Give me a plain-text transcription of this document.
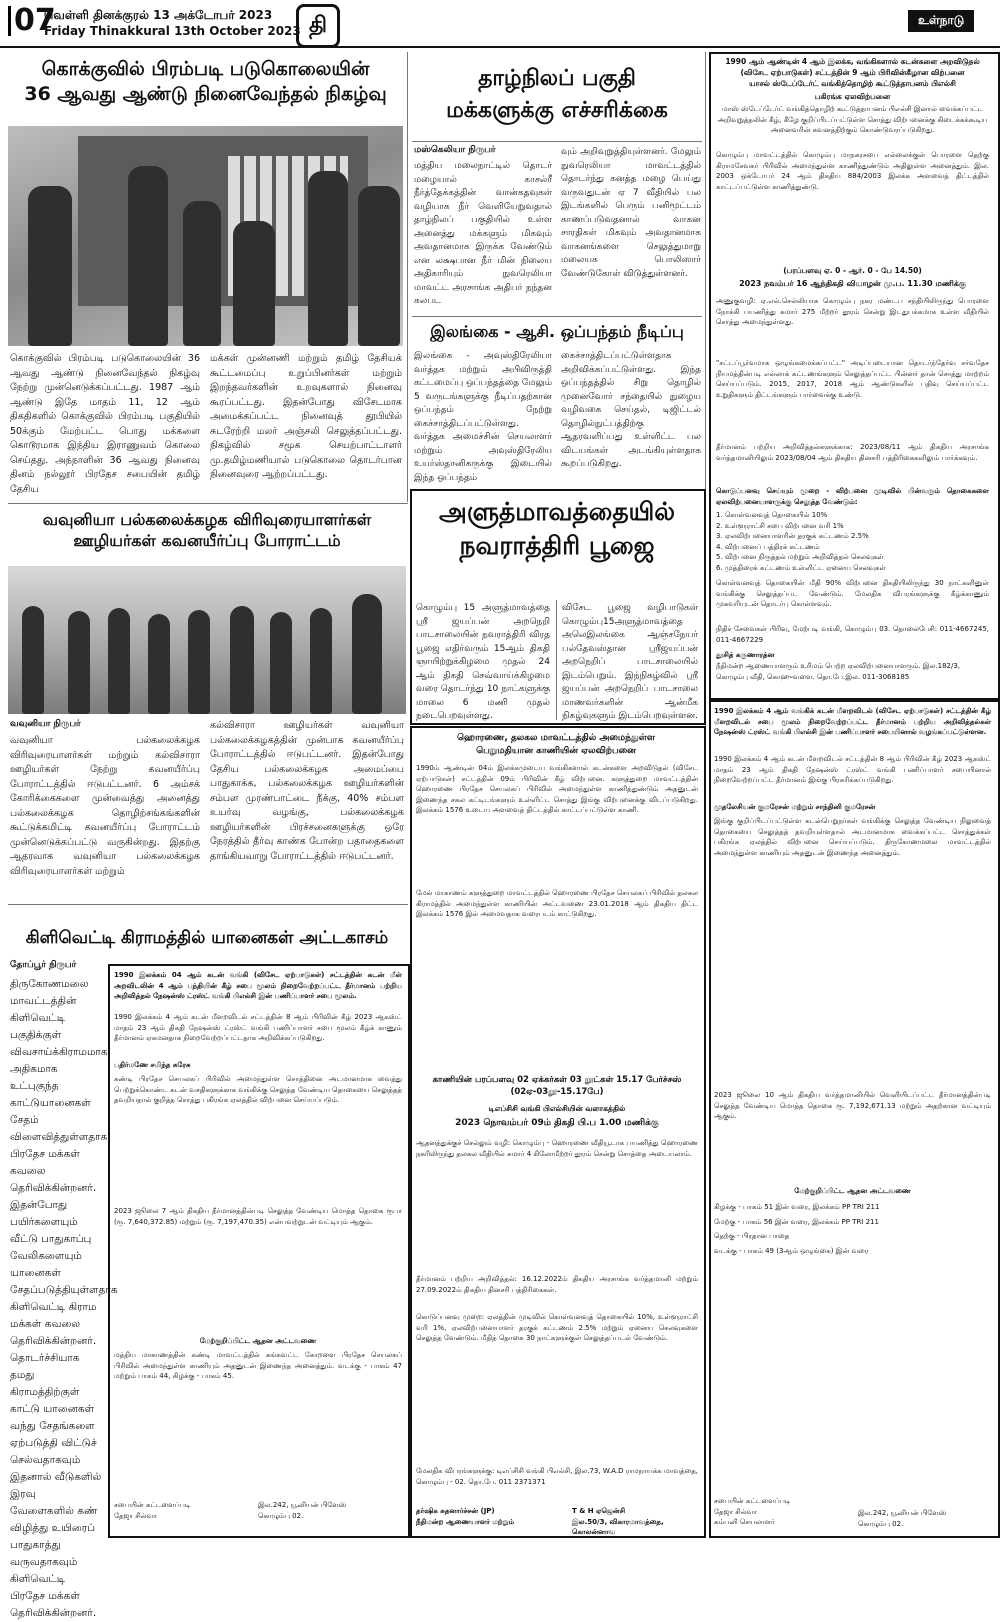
07
வெள்ளி தினக்குரல் 13 அக்டோபர் 2023
Friday Thinakkural 13th October 2023 தி	உள்நாடு
கொக்குவில் பிரம்படி படுகொலையின்
36 ஆவது ஆண்டு நினைவேந்தல் நிகழ்வு
கொக்குவில் பிரம்படி படுகொலையின் 36 ஆவது ஆண்டு நினைவேந்தல் நிகழ்வு நேற்று முன்னெடுக்கப்பட்டது. 1987 ஆம் ஆண்டு இதே மாதம் 11, 12 ஆம் திகதிகளில் கொக்குவில் பிரம்படி பகுதியில் 50க்கும் மேற்பட்ட பொது மக்களை கொடூரமாக இந்திய இராணுவம் கொலை செய்தது. அந்நாளின் 36 ஆவது நினைவு தினம் நல்லூர் பிரதேச சபையின் தமிழ் தேசிய
மக்கள் முன்னணி மற்றும் தமிழ் தேசியக் கூட்டமைப்பு உறுப்பினர்கள் மற்றும் இறந்தவர்களின் உறவுகளால் நினைவு கூரப்பட்டது. இதன்போது விசேடமாக அமைக்கப்பட்ட நினைவுத் தூபியில் சுடரேற்றி மலர் அஞ்சலி செலுத்தப்பட்டது. நிகழ்வில் சமூக செயற்பாட்டாளர் மு.தமிழ்மணியால் படுகொலை தொடர்பான நினைவுரை ஆற்றப்பட்டது.
தாழ்நிலப் பகுதி
மக்களுக்கு எச்சரிக்கை
மஸ்கெலியா நிருபர்
மத்திய மலைநாட்டில் தொடர் மழையால் காசல்ரீ நீர்த்தேக்கத்தின் வான்கதவுகள் வழியாக நீர் வெளியேறுவதால் தாழ்நிலப் பகுதியில் உள்ள அனைத்து மக்களும் மிகவும் அவதானமாக இருக்க வேண்டும் என லக்ஷபான நீர் மின் நிலைய அதிகாரியும் நுவரெலியா மாவட்ட அரசாங்க அதிபர் நந்தன கலபட
வும் அறிவுறுத்தியுள்ளனர். மேலும் நுவரெலியா மாவட்டத்தில் தொடர்ந்து கனத்த மழை பெய்து வருவதுடன் ஏ 7 வீதியில் பல இடங்களில் பெரும் பனிமூட்டம் காணப்படுவதனால் வாகன சாரதிகள் மிகவும் அவதானமாக வாகனங்களை செலுத்துமாறு மலையக பொலிஸார் வேண்டுகோள் விடுத்துள்ளனர்.
இலங்கை - ஆசி. ஒப்பந்தம் நீடிப்பு
இலங்கை - அவுஸ்திரேலியா வர்த்தக மற்றும் அபிவிருத்தி கட்டமைப்பு ஒப்பந்தத்தை மேலும் 5 வருடங்களுக்கு நீடிப்பதற்கான ஒப்பந்தம் நேற்று கைச்சாத்திடப்பட்டுள்ளது. வர்த்தக அமைச்சின் செயலாளர் மற்றும் அவுஸ்திரேலிய உயர்ஸ்தானிகருக்கு இடையில் இந்த ஒப்பந்தம்
கைச்சாத்திடப்பட்டுள்ளதாக அறிவிக்கப்பட்டுள்ளது. இந்த ஒப்பந்தத்தில் சிறு தொழில் முனைவோர் சந்தையில் நுழைய வழிவகை செய்தல், டிஜிட்டல் தொழில்நுட்பத்திற்கு ஆதரவளிப்பது உள்ளிட்ட பல விடயங்கள் அடங்கியுள்ளதாக கூறப்படுகிறது.
வவுனியா பல்கலைக்கழக விரிவுரையாளர்கள்
ஊழியர்கள் கவனயீர்ப்பு போராட்டம்
வவுனியா நிருபர்
வவுனியா பல்கலைக்கழக விரிவுரையாளர்கள் மற்றும் கல்விசாரா ஊழியர்கள் நேற்று கவனயீர்ப்பு போராட்டத்தில் ஈடுபட்டனர். 6 அம்சக் கோரிக்கைகளை முன்வைத்து அனைத்து பல்கலைக்கழக தொழிற்சங்கங்களின் கூட்டுக்கமிட்டி கவனயீர்ப்பு போராட்டம் முன்னெடுக்கப்பட்டு வருகின்றது. இதற்கு ஆதரவாக வவுனியா பல்கலைக்கழக விரிவுரையாளர்கள் மற்றும்
கல்விசாரா ஊழியர்கள் வவுனியா பல்கலைக்கழகத்தின் முன்பாக கவனயீர்ப்பு போராட்டத்தில் ஈடுபட்டனர். இதன்போது தேசிய பல்கலைக்கழக அமைப்பை பாதுகாக்க, பல்கலைக்கழக ஊழியர்களின் சம்பள முரண்பாட்டை நீக்கு, 40% சம்பள உயர்வு வழங்கு, பல்கலைக்கழக ஊழியர்களின் பிரச்சனைகளுக்கு ஒரே நேரத்தில் தீர்வு காண்க போன்ற பதாதைகளை தாங்கியவாறு போராட்டத்தில் ஈடுபட்டனர்.
அளுத்மாவத்தையில்
நவராத்திரி பூஜை
கொழும்பு 15 அளுத்மாவத்தை ஸ்ரீ ஜயப்பன் அறநெறி பாடசாலையின் நவராத்திரி விரத பூஜை எதிர்வரும் 15ஆம் திகதி ஞாயிற்றுக்கிழமை முதல் 24 ஆம் திகதி செவ்வாய்க்கிழமை வரை தொடர்ந்து 10 நாட்களுக்கு மாலை 6 மணி முதல் நடைபெறவுள்ளது.
விசேட பூஜை வழிபாடுகள் கொழும்பு15அளுத்மாவத்தை அலெஇலங்கை ஆஞ்சநேயர் பல்தேவஸ்தான ஸ்ரீஜயப்பன் அறநெறிப் பாடசாலையில் இடம்பெறும். இந்நிகழ்வில் ஸ்ரீ ஜயப்பன் அறநெறிப் பாடசாலை மாணவர்களின் ஆன்மீக நிகழ்வுகளும் இடம்பெறவுள்ளன.
கிளிவெட்டி கிராமத்தில் யானைகள் அட்டகாசம்
தோப்பூர் நிருபர்
திருகோணமலை மாவட்டத்தின் கிளிவெட்டி பகுதிக்குள் விவசாய்க்கிராமமாக அதிகமாக உட்புகுந்த காட்டுயானைகள் சேதம் விளைவித்துள்ளதாக பிரதேச மக்கள் கவலை தெரிவிக்கின்றனர். இதன்போது பயிர்களையும் வீட்டு பாதுகாப்பு வேலிகளையும் யானைகள் சேதப்படுத்தியுள்ளதாக கிளிவெட்டி கிராம மக்கள் கவலை தெரிவிக்கின்றனர். தொடர்ச்சியாக தமது கிராமத்திற்குள் காட்டு யானைகள் வந்து சேதங்களை ஏற்படுத்தி விட்டுச் செல்வதாகவும் இதனால் வீடுகளில் இரவு வேளைகளில் கண் விழித்து உயிரைப் பாதுகாத்து வருவதாகவும் கிளிவெட்டி பிரதேச மக்கள் தெரிவிக்கின்றனர்.
1990 இலக்கம் 04 ஆம் கடன் வங்கி (விசேட ஏற்பாடுகள்) சட்டத்தின் கடன் மீள் அறவிடலின் 4 ஆம் பந்தியின் கீழ் சபை மூலம் நிறைவேற்றப்பட்ட தீர்மானம் பற்றிய அறிவித்தல் நேஷன்ஸ் ட்ரஸ்ட் வங்கி பிஎல்சி இன் பணிப்பாளர் சபை மூலம்.
1990 இலக்கம் 4 ஆம் கடன் மீளறவிடல் சட்டத்தின் 8 ஆம் பிரிவின் கீழ் 2023 ஆகஸ்ட் மாதம் 23 ஆம் திகதி நேஷன்ஸ் ட்ரஸ்ட் வங்கி பணிப்பாளர் சபை மூலம் கீழ்க் காணும் தீர்மானம் ஏகமனதாக நிறைவேற்றப்பட்டதாக அறிவிக்கப்படுகிறது.
பதிர்மணே சமிந்த சுரேசு
கண்டி பிரதேச செயலகப் பிரிவில் அமைந்துள்ள சொத்தினை அடமானமாக வைத்து பெற்றுக்கொண்ட கடன் வசதிகளுக்காக வங்கிக்கு செலுத்த வேண்டிய தொகையை செலுத்தத் தவறியதால் குறித்த சொத்து பகிரங்க ஏலத்தில் விற்பனை செய்யப்படும்.
2023 ஜூலை 7 ஆம் திகதிய தீர்மானத்தின்படி செலுத்த வேண்டிய மொத்த தொகை ரூபா (ரூ. 7,640,372.85) மற்றும் (ரூ. 7,197,470.35) என்பவற்றுடன் வட்டியும் ஆகும்.
மேற்குறிப்பிட்ட ஆதன அட்டவணை
மத்திய மாகாணத்தின் கண்டி மாவட்டத்தில் கங்கவட்ட கோறளை பிரதேச செயலகப் பிரிவில் அமைந்துள்ள காணியும் அதனுடன் இணைந்த அனைத்தும். வடக்கு - பாகம் 47 மற்றும் பாகம் 44, கிழக்கு - பாகம் 45.
சபையின் கட்டளைப்படி
தேஜா சில்வா
இல.242, யூனியன் பிளேஸ்
கொழும்பு 02.
ஹொரணை, தலகல மாவட்டத்தில் அமைந்துள்ள
பெறுமதியான காணியின் ஏலவிற்பனை
1990ம் ஆண்டின் 04ம் இலக்கமுடைய வங்கிகளால் கடன்களை அறவிடுதல் (விசேட ஏற்பாடுகள்) சட்டத்தின் 09ம் பிரிவின் கீழ் விற்பனை. களுத்துறை மாவட்டத்தின் ஹொரணை பிரதேச செயலகப் பிரிவில் அமைந்துள்ள காணித்துண்டும் அதனுடன் இணைந்த சகல கட்டிடங்களும் உள்ளிட்ட சொத்து இங்கு விற்பனைக்கு விடப்படுகிறது. இலக்கம் 1576 உடைய அளவைத் திட்டத்தில் காட்டப்பட்டுள்ள காணி.
மேல் மாகாணம் களுத்துறை மாவட்டத்தில் ஹொரணை பிரதேச செயலகப் பிரிவில் தலகல கிராமத்தில் அமைந்துள்ள காணியின் அட்டவணை 23.01.2018 ஆம் திகதிய திட்ட இலக்கம் 1576 இல் அமைவதாக வரைபடம் காட்டுகிறது.
காணியின் பரப்பளவு 02 ஏக்கர்கள் 03 றூட்கள் 15.17 பேர்ச்சஸ் (02ஏ-03றூ-15.17பே)
டிஎப்சிசி வங்கி பிஎல்சியின் வளாகத்தில்
2023 நொவம்பர் 09ம் திகதி பி.ப 1.00 மணிக்கு
ஆதனத்துக்குச் செல்லும் வழி: கொழும்பு - ஹொரணை வீதியூடாக பயணித்து ஹொரணை நகரிலிருந்து தலகல வீதியில் சுமார் 4 கிலோமீற்றர் தூரம் சென்று சொத்தை அடையலாம்.
தீர்மானம் பற்றிய அறிவித்தல்: 16.12.2022ம் திகதிய அரசாங்க வர்த்தமானி மற்றும் 27.09.2022ம் திகதிய தினசரி பத்திரிகைகள்.
கொடுப்பனவு முறை: ஏலத்தின் முடிவில் கொள்வனவுத் தொகையில் 10%, உள்ளூராட்சி வரி 1%, ஏலவிற்பனையாளர் தரகுக் கட்டணம் 2.5% மற்றும் ஏனைய செலவுகளை செலுத்த வேண்டும். மீதித் தொகை 30 நாட்களுக்குள் செலுத்தப்படல் வேண்டும்.
மேலதிக விபரங்களுக்கு: டிஎப்சிசி வங்கி பிஎல்சி, இல.73, W.A.D ராமநாயக்க மாவத்தை, கொழும்பு - 02. தொ.பே. 011 2371371
தர்ஷிக சுதனார்ச்சன் (JP)
நீதிமன்ற ஆணையாளர் மற்றும்
T & H ஏஜென்சி
இல.50/3, விகாரமாவத்தை, கொலன்னாவ
1990 ஆம் ஆண்டின் 4 ஆம் இலக்க, வங்கிகளால் கடன்களை அறவிடுதல்
(விசேட ஏற்பாடுகள்) சட்டத்தின் 9 ஆம் பிரிவின்கீழான விற்பனை
யாசல் ஸ்டேப்டேர்ட் வங்கித்தொழிற் கூட்டுத்தாபனம் பிஎல்சி
பகிரங்க ஏலவிற்பனை
மாஸ் ஸ்டேப்டேர்ட் வங்கித்தொழிற் கூட்டுத்தாபனம் பிஎல்சி இனால் வைக்கப்பட்ட அறிவுறுத்தலின் கீழ், கீழே குறிப்பிடப்பட்டுள்ள சொத்து விற்பனைக்கு கிடைக்கக்கூடிய அனைவரின் கவனத்திற்கும் கொண்டுவரப்படுகிறது.
கொழும்பு மாவட்டத்தில் கொழும்பு மாநகரசபை எல்லைக்குள் பொரளை தெற்கு கிராமசேவகர் பிரிவில் அமைந்துள்ள காணித்துண்டும் அதிலுள்ள அனைத்தும். இல. 2003 ஒக்டோபர் 24 ஆம் திகதிய 884/2003 இலக்க அளவைத் திட்டத்தில் காட்டப்பட்டுள்ள காணித்துண்டு.
(பரப்பளவு ஏ. 0 - ஆர். 0 - பே 14.50)
2023 நவம்பர் 16 ஆந்திகதி வியாழன் மு.ப. 11.30 மணிக்கு
அணுகுவழி: ஏ.எல்.செல்லியாக கொழும்பு நகர மண்டப சந்தியிலிருந்து பொரளை நோக்கி பயணித்து சுமார் 275 மீற்றர் தூரம் சென்று இடதுபக்கமாக உள்ள வீதியில் சொத்து அமைந்துள்ளது.
"சட்டப்பூர்வமாக ஒழுங்கமைக்கப்பட்ட" அடிப்படையான தொடர்ந்தேர்வு சர்வதேச நியமத்தின்படி எல்லாக் கட்டணங்களும் செலுத்தப்பட்ட பின்னர் தான் சொத்து மாற்றம் செய்யப்படும். 2015, 2017, 2018 ஆம் ஆண்டுகளில் பதிவு செய்யப்பட்ட உறுதிகளும் திட்டங்களும் பார்வைக்கு உண்டு.
தீர்மானம் பற்றிய அறிவித்தல்களுக்காக: 2023/08/11 ஆம் திகதிய அரசாங்க வர்த்தமானியிலும் 2023/08/04 ஆம் திகதிய தினசரி பத்திரிகைகளிலும் பார்க்கவும்.
கொடுப்பனவு செய்யும் முறை - விற்பனை முடிவில் பின்வரும் தொகைகளை ஏலவிற்பனையாளருக்கு செலுத்த வேண்டும்:
1. கொள்வனவுத் தொகையில் 10%
2. உள்ளூராட்சி சபை விற்பனை வரி 1%
3. ஏலவிற்பனையாளரின் தரகுக் கட்டணம் 2.5%
4. விற்பனைப் பத்திரக் கட்டணம்
5. விற்பனை நிருத்தல் மற்றும் அறிவித்தல் செலவுகள்
6. முத்திரைக் கட்டணம் உள்ளிட்ட ஏனைய செலவுகள்
கொள்வனவுத் தொகையின் மீதி 90% விற்பனை திகதியிலிருந்து 30 நாட்களினுள் வங்கிக்கு செலுத்தப்பட வேண்டும். மேலதிக விபரங்களுக்கு கீழ்க்காணும் முகவரியுடன் தொடர்பு கொள்ளவும்.
நிதிச் சேவைகள் பிரிவு, மேற்படி வங்கி, கொழும்பு 03. தொலைபேசி: 011-4667245, 011-4667229
தூசித் கருணாரத்ன
நீதிமன்ற ஆணையாளரும் உரிமம் பெற்ற ஏலவிற்பனையாளரும். இல.182/3, கொழும்பு வீதி, கொஹுவளை. தொ.பே.இல. 011-3068185
1990 இலக்கம் 4 ஆம் வங்கிக் கடன் மீளறவிடல் (விசேட ஏற்பாடுகள்) சட்டத்தின் கீழ் மீளறவிடல் சபை மூலம் நிறைவேற்றப்பட்ட தீர்மானம் பற்றிய அறிவித்தல்கள் நேஷன்ஸ் ட்ரஸ்ட் வங்கி பிஎல்சி இன் பணிப்பாளர் சபையினால் வழங்கப்பட்டுள்ளன.
1990 இலக்கம் 4 ஆம் கடன் மீளறவிடல் சட்டத்தின் 8 ஆம் பிரிவின் கீழ் 2023 ஆகஸ்ட் மாதம் 23 ஆம் திகதி நேஷன்ஸ் ட்ரஸ்ட் வங்கி பணிப்பாளர் சபையினால் நிறைவேற்றப்பட்ட தீர்மானம் இங்கு பிரசுரிக்கப்படுகிறது.
முதலேசியன் குமரேசன் மற்றும் சாந்தினி குமரேசன்
இங்கு குறிப்பிடப்பட்டுள்ள கடன்பெறுநர்கள் வங்கிக்கு செலுத்த வேண்டிய நிலுவைத் தொகையை செலுத்தத் தவறியுள்ளதால் அடமானமாக வைக்கப்பட்ட சொத்துக்கள் பகிரங்க ஏலத்தில் விற்பனை செய்யப்படும். திருகோணமலை மாவட்டத்தில் அமைந்துள்ள காணியும் அதனுடன் இணைந்த அனைத்தும்.
2023 ஜூலை 10 ஆம் திகதிய வர்த்தமானியில் வெளியிடப்பட்ட தீர்மானத்தின்படி செலுத்த வேண்டிய மொத்த தொகை ரூ. 7,192,671.13 மற்றும் அதற்கான வட்டியும் ஆகும்.
மேற்குறிப்பிட்ட ஆதன அட்டவணை
கிழக்கு - பாகம் 51 இன் வரை, இலக்கம் PP TRI 211
மேற்கு - பாகம் 56 இன் வரை, இலக்கம் PP TRI 211
தெற்கு - பிரதான பாதை
வடக்கு - பாகம் 49 (3ஆம் ஒழுங்கை) இன் வரை
சபையின் கட்டளைப்படி
தேஜா சில்வா
கம்பனி செயலாளர்
இல.242, யூனியன் பிளேஸ்
கொழும்பு 02.
